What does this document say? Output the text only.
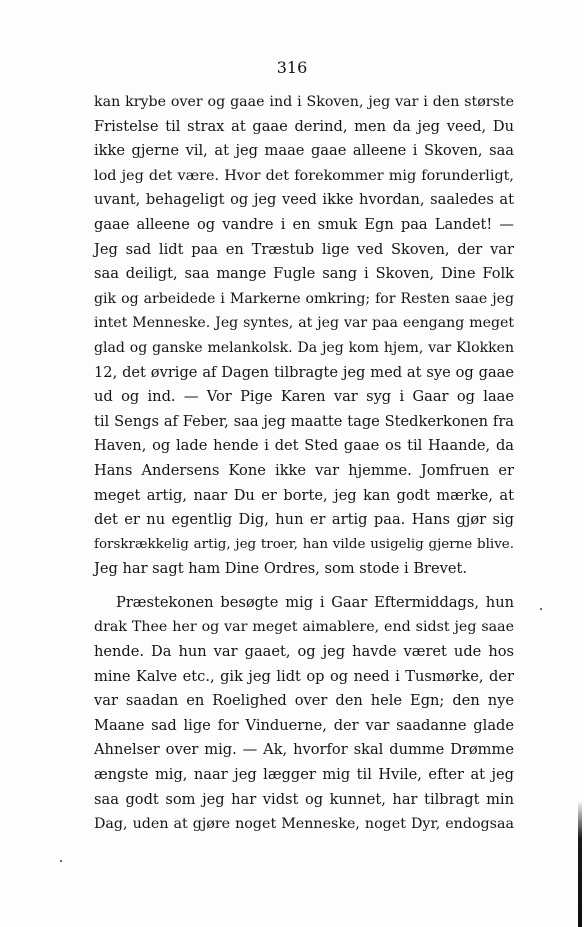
316
kan krybe over og gaae ind i Skoven, jeg var i den største
Fristelse til strax at gaae derind, men da jeg veed, Du
ikke gjerne vil, at jeg maae gaae alleene i Skoven, saa
lod jeg det være. Hvor det forekommer mig forunderligt,
uvant, behageligt og jeg veed ikke hvordan, saaledes at
gaae alleene og vandre i en smuk Egn paa Landet! —
Jeg sad lidt paa en Træstub lige ved Skoven, der var
saa deiligt, saa mange Fugle sang i Skoven, Dine Folk
gik og arbeidede i Markerne omkring; for Resten saae jeg
intet Menneske. Jeg syntes, at jeg var paa eengang meget
glad og ganske melankolsk. Da jeg kom hjem, var Klokken
12, det øvrige af Dagen tilbragte jeg med at sye og gaae
ud og ind. — Vor Pige Karen var syg i Gaar og laae
til Sengs af Feber, saa jeg maatte tage Stedkerkonen fra
Haven, og lade hende i det Sted gaae os til Haande, da
Hans Andersens Kone ikke var hjemme. Jomfruen er
meget artig, naar Du er borte, jeg kan godt mærke, at
det er nu egentlig Dig, hun er artig paa. Hans gjør sig
forskrækkelig artig, jeg troer, han vilde usigelig gjerne blive.
Jeg har sagt ham Dine Ordres, som stode i Brevet.
Præstekonen besøgte mig i Gaar Eftermiddags, hun
drak Thee her og var meget aimablere, end sidst jeg saae
hende. Da hun var gaaet, og jeg havde været ude hos
mine Kalve etc., gik jeg lidt op og need i Tusmørke, der
var saadan en Roelighed over den hele Egn; den nye
Maane sad lige for Vinduerne, der var saadanne glade
Ahnelser over mig. — Ak, hvorfor skal dumme Drømme
ængste mig, naar jeg lægger mig til Hvile, efter at jeg
saa godt som jeg har vidst og kunnet, har tilbragt min
Dag, uden at gjøre noget Menneske, noget Dyr, endogsaa
